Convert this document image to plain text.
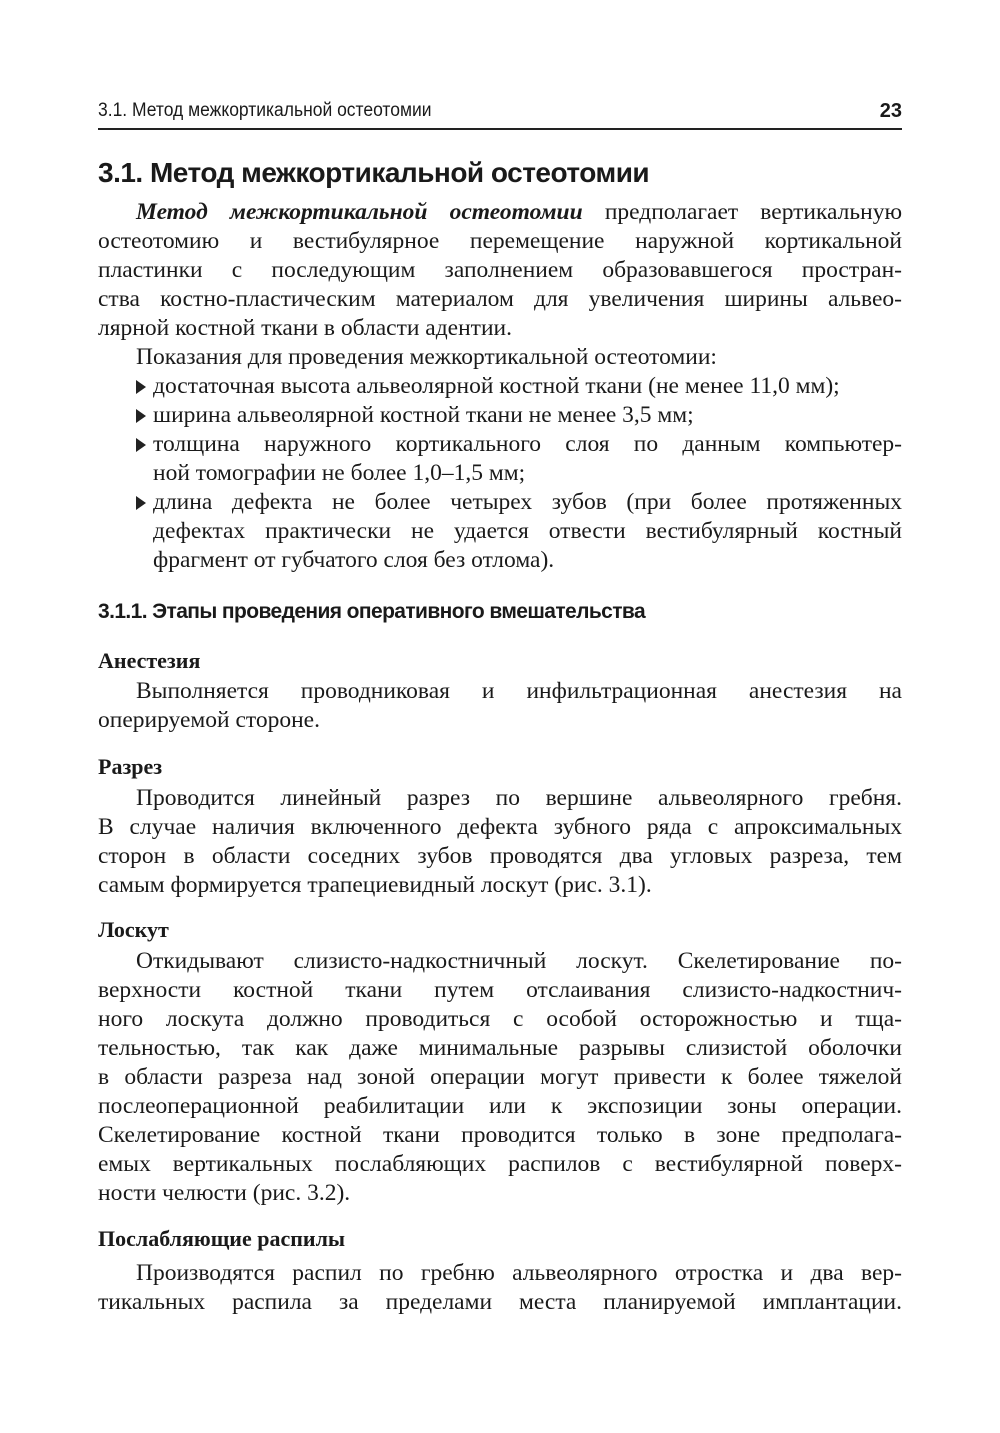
3.1. Метод межкортикальной остеотомии	23
3.1. Метод межкортикальной остеотомии
Метод межкортикальной остеотомии предполагает вертикальную
остеотомию и вестибулярное перемещение наружной кортикальной
пластинки с последующим заполнением образовавшегося простран-
ства костно-пластическим материалом для увеличения ширины альвео-
лярной костной ткани в области адентии.
Показания для проведения межкортикальной остеотомии:
достаточная высота альвеолярной костной ткани (не менее 11,0 мм);
ширина альвеолярной костной ткани не менее 3,5 мм;
толщина наружного кортикального слоя по данным компьютер-
ной томографии не более 1,0–1,5 мм;
длина дефекта не более четырех зубов (при более протяженных
дефектах практически не удается отвести вестибулярный костный
фрагмент от губчатого слоя без отлома).
3.1.1. Этапы проведения оперативного вмешательства
Анестезия
Выполняется проводниковая и инфильтрационная анестезия на
оперируемой стороне.
Разрез
Проводится линейный разрез по вершине альвеолярного гребня.
В случае наличия включенного дефекта зубного ряда с апроксимальных
сторон в области соседних зубов проводятся два угловых разреза, тем
самым формируется трапециевидный лоскут (рис. 3.1).
Лоскут
Откидывают слизисто-надкостничный лоскут. Скелетирование по-
верхности костной ткани путем отслаивания слизисто-надкостнич-
ного лоскута должно проводиться с особой осторожностью и тща-
тельностью, так как даже минимальные разрывы слизистой оболочки
в области разреза над зоной операции могут привести к более тяжелой
послеоперационной реабилитации или к экспозиции зоны операции.
Скелетирование костной ткани проводится только в зоне предполага-
емых вертикальных послабляющих распилов с вестибулярной поверх-
ности челюсти (рис. 3.2).
Послабляющие распилы
Производятся распил по гребню альвеолярного отростка и два вер-
тикальных распила за пределами места планируемой имплантации.
